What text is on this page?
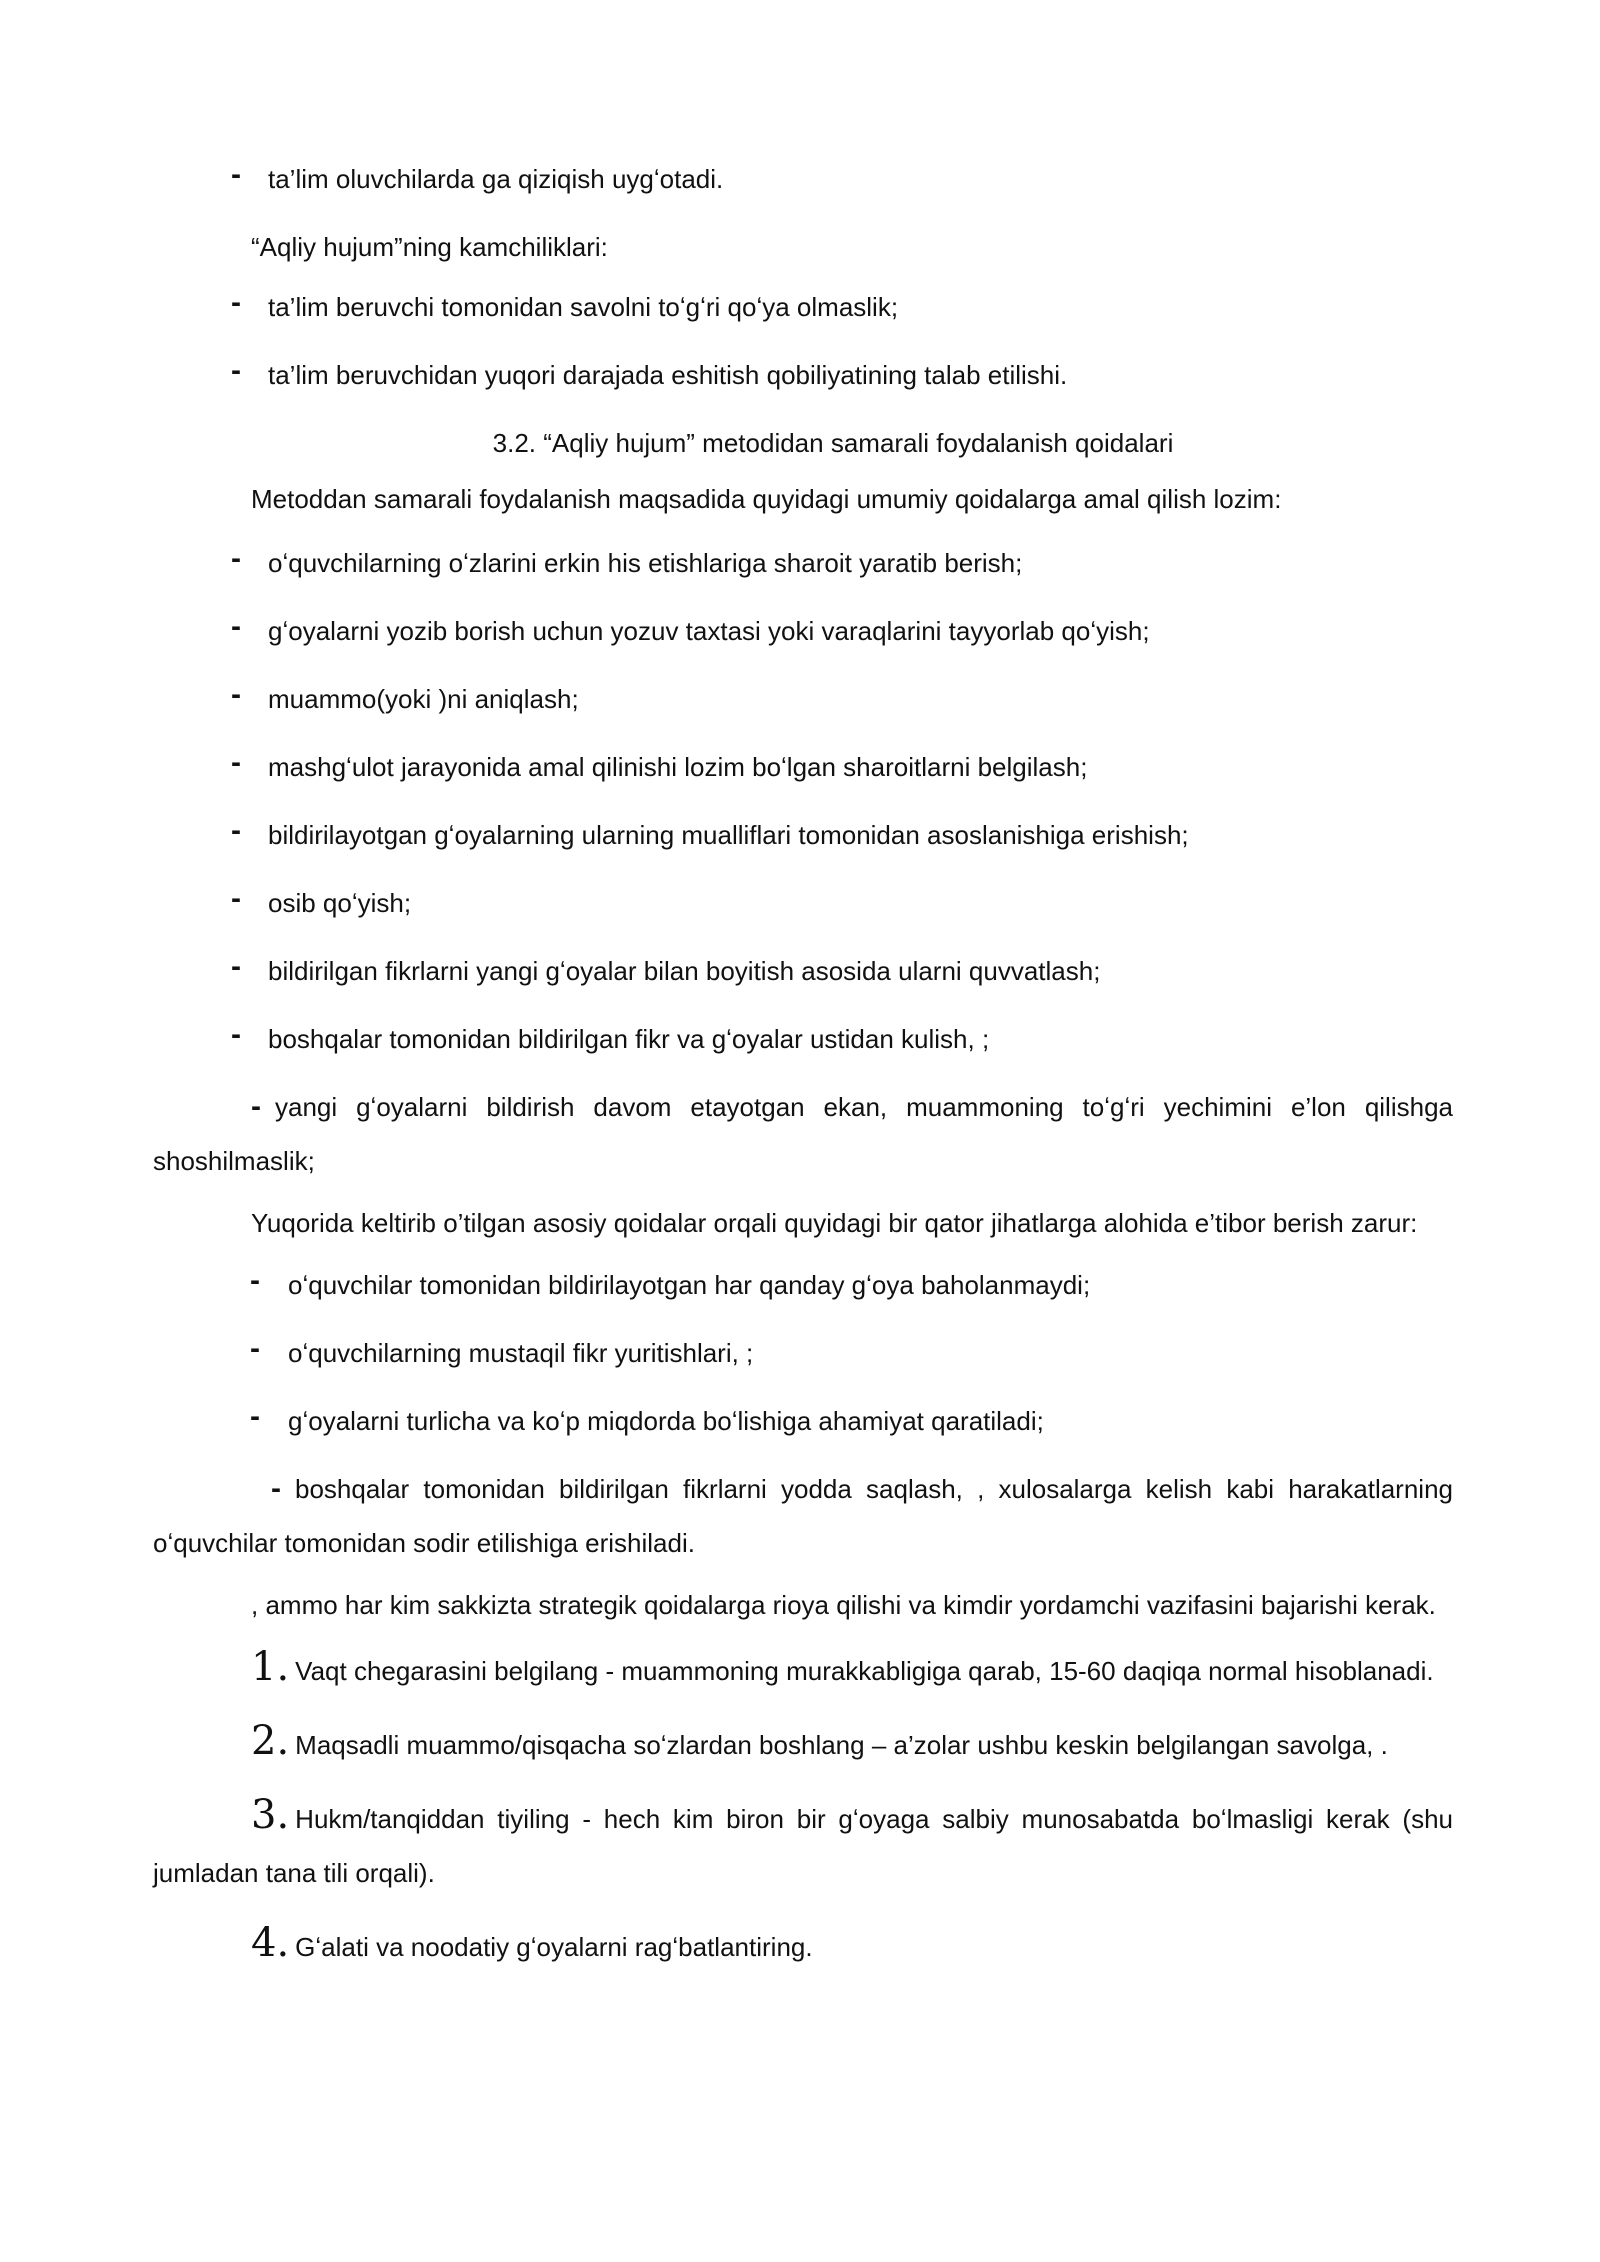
- ta’lim oluvchilarda ga qiziqish uygʻotadi.
“Aqliy hujum”ning kamchiliklari:
- ta’lim beruvchi tomonidan savolni toʻgʻri qoʻya olmaslik;
- ta’lim beruvchidan yuqori darajada eshitish qobiliyatining talab etilishi.
3.2. “Aqliy hujum” metodidan samarali foydalanish qoidalari
Metoddan samarali foydalanish maqsadida quyidagi umumiy qoidalarga amal qilish lozim:
- oʻquvchilarning oʻzlarini erkin his etishlariga sharoit yaratib berish;
- gʻoyalarni yozib borish uchun yozuv taxtasi yoki varaqlarini tayyorlab qoʻyish;
- muammo(yoki )ni aniqlash;
- mashgʻulot jarayonida amal qilinishi lozim boʻlgan sharoitlarni belgilash;
- bildirilayotgan gʻoyalarning ularning mualliflari tomonidan asoslanishiga erishish;
- osib qoʻyish;
- bildirilgan fikrlarni yangi gʻoyalar bilan boyitish asosida ularni quvvatlash;
- boshqalar tomonidan bildirilgan fikr va gʻoyalar ustidan kulish, ;
- yangi gʻoyalarni bildirish davom etayotgan ekan, muammoning toʻgʻri yechimini e’lon qilishga shoshilmaslik;
Yuqorida keltirib o’tilgan asosiy qoidalar orqali quyidagi bir qator jihatlarga alohida e’tibor berish zarur:
- oʻquvchilar tomonidan bildirilayotgan har qanday gʻoya baholanmaydi;
- oʻquvchilarning mustaqil fikr yuritishlari, ;
- gʻoyalarni turlicha va koʻp miqdorda boʻlishiga ahamiyat qaratiladi;
- boshqalar tomonidan bildirilgan fikrlarni yodda saqlash, , xulosalarga kelish kabi harakatlarning oʻquvchilar tomonidan sodir etilishiga erishiladi.
, ammo har kim sakkizta strategik qoidalarga rioya qilishi va kimdir yordamchi vazifasini bajarishi kerak.
1. Vaqt chegarasini belgilang - muammoning murakkabligiga qarab, 15-60 daqiqa normal hisoblanadi.
2. Maqsadli muammo/qisqacha soʻzlardan boshlang – a’zolar ushbu keskin belgilangan savolga, .
3. Hukm/tanqiddan tiyiling - hech kim biron bir gʻoyaga salbiy munosabatda boʻlmasligi kerak (shu jumladan tana tili orqali).
4. Gʻalati va noodatiy gʻoyalarni ragʻbatlantiring.
